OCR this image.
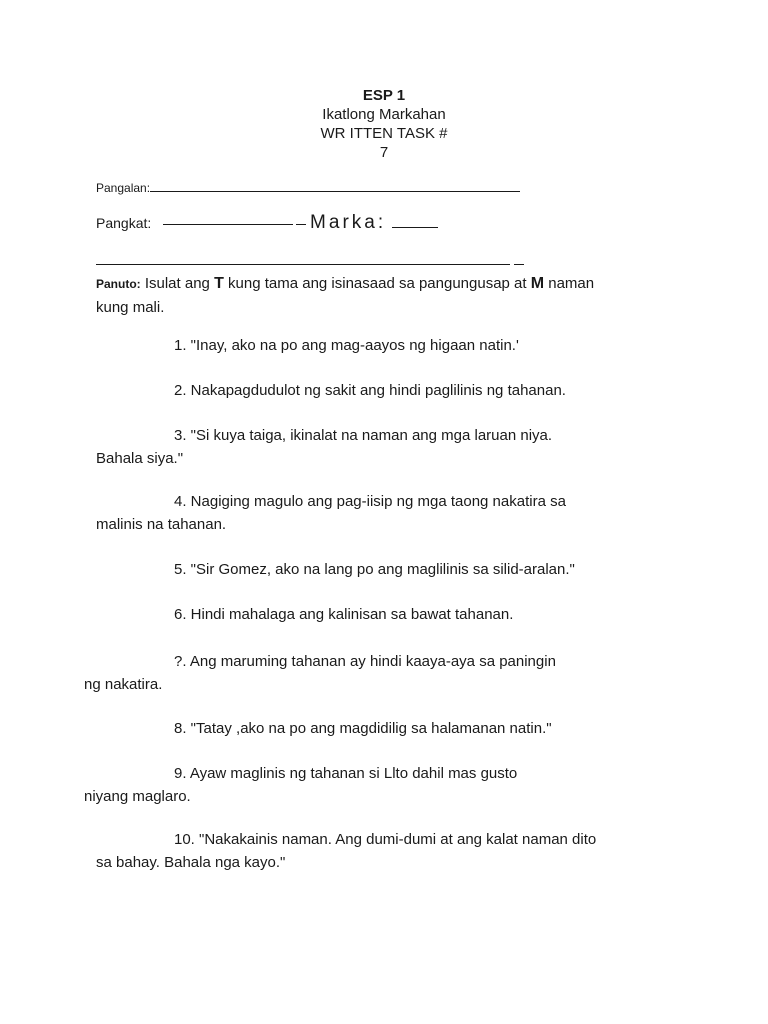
ESP 1
Ikatlong Markahan
WR ITTEN TASK #
7
Pangalan:
Pangkat:	Marka:
Panuto: Isulat ang T kung tama ang isinasaad sa pangungusap at M naman
kung mali.
1. "Inay, ako na po ang mag-aayos ng higaan natin.'
2. Nakapagdudulot ng sakit ang hindi paglilinis ng tahanan.
3. "Si kuya taiga, ikinalat na naman ang mga laruan niya.
Bahala siya."
4. Nagiging magulo ang pag-iisip ng mga taong nakatira sa
malinis na tahanan.
5. "Sir Gomez, ako na lang po ang maglilinis sa silid-aralan."
6. Hindi mahalaga ang kalinisan sa bawat tahanan.
?. Ang maruming tahanan ay hindi kaaya-aya sa paningin
ng nakatira.
8. "Tatay ,ako na po ang magdidilig sa halamanan natin."
9. Ayaw maglinis ng tahanan si Llto dahil mas gusto
niyang maglaro.
10. "Nakakainis naman. Ang dumi-dumi at ang kalat naman dito
sa bahay. Bahala nga kayo."
